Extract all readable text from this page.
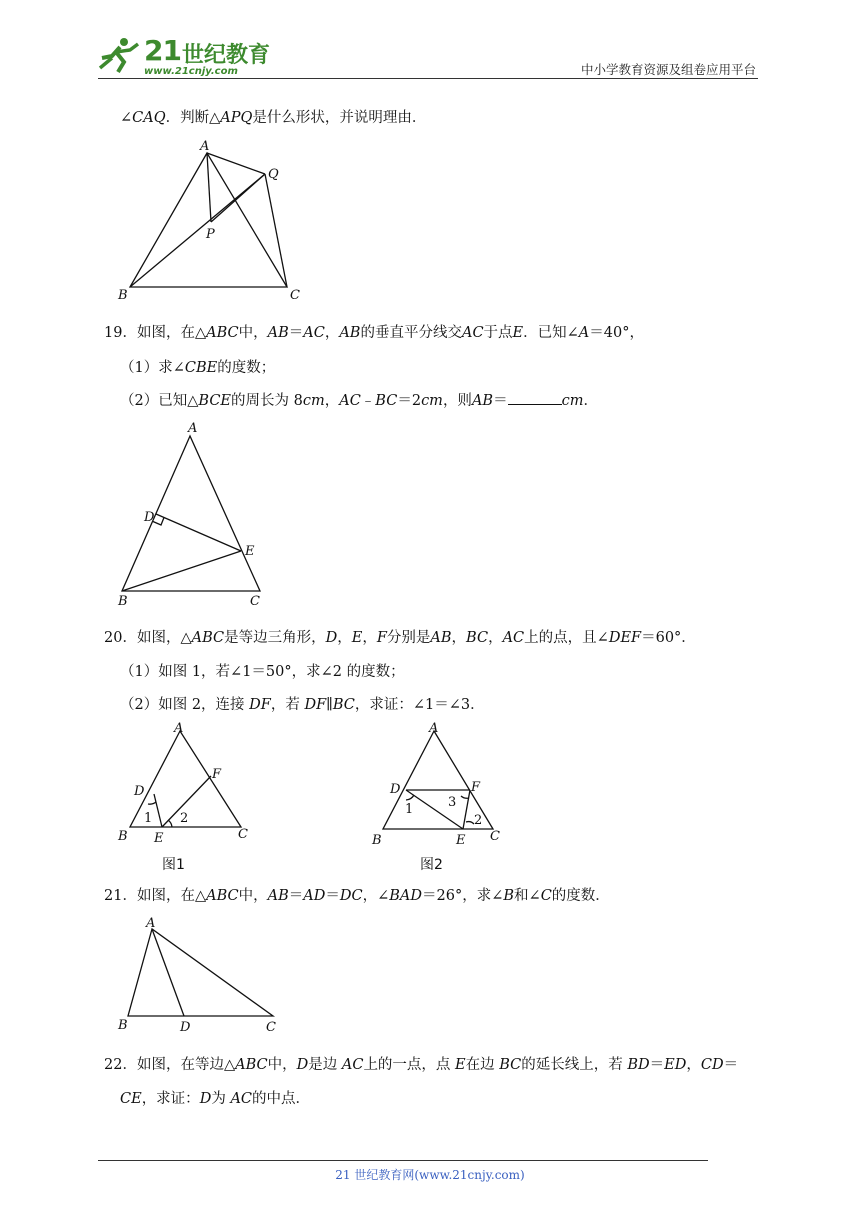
21 世纪教育
www.21cnjy.com	中小学教育资源及组卷应用平台
∠CAQ．判断△APQ是什么形状，并说明理由．
A
B	C
P
Q
19．如图，在△ABC中，AB＝AC，AB的垂直平分线交AC于点E．已知∠A＝40°，
（1）求∠CBE的度数；
（2）已知△BCE的周长为 8cm，AC﹣BC＝2cm，则AB＝	cm．
A
B	C
D
E
20．如图，△ABC是等边三角形，D，E，F分别是AB，BC，AC上的点，且∠DEF＝60°．
（1）如图 1，若∠1＝50°，求∠2 的度数；
（2）如图 2，连接 DF，若 DF∥BC，求证：∠1＝∠3．
A
B	C
D
E
F
1 2
图1
A
B	C
D
E
F
1
2
3
图2
21．如图，在△ABC中，AB＝AD＝DC，∠BAD＝26°，求∠B和∠C的度数．
A
B	C
D
22．如图，在等边△ABC中，D是边 AC上的一点，点 E在边 BC的延长线上，若 BD＝ED，CD＝
CE，求证：D为 AC的中点．
21 世纪教育网(www.21cnjy.com)
